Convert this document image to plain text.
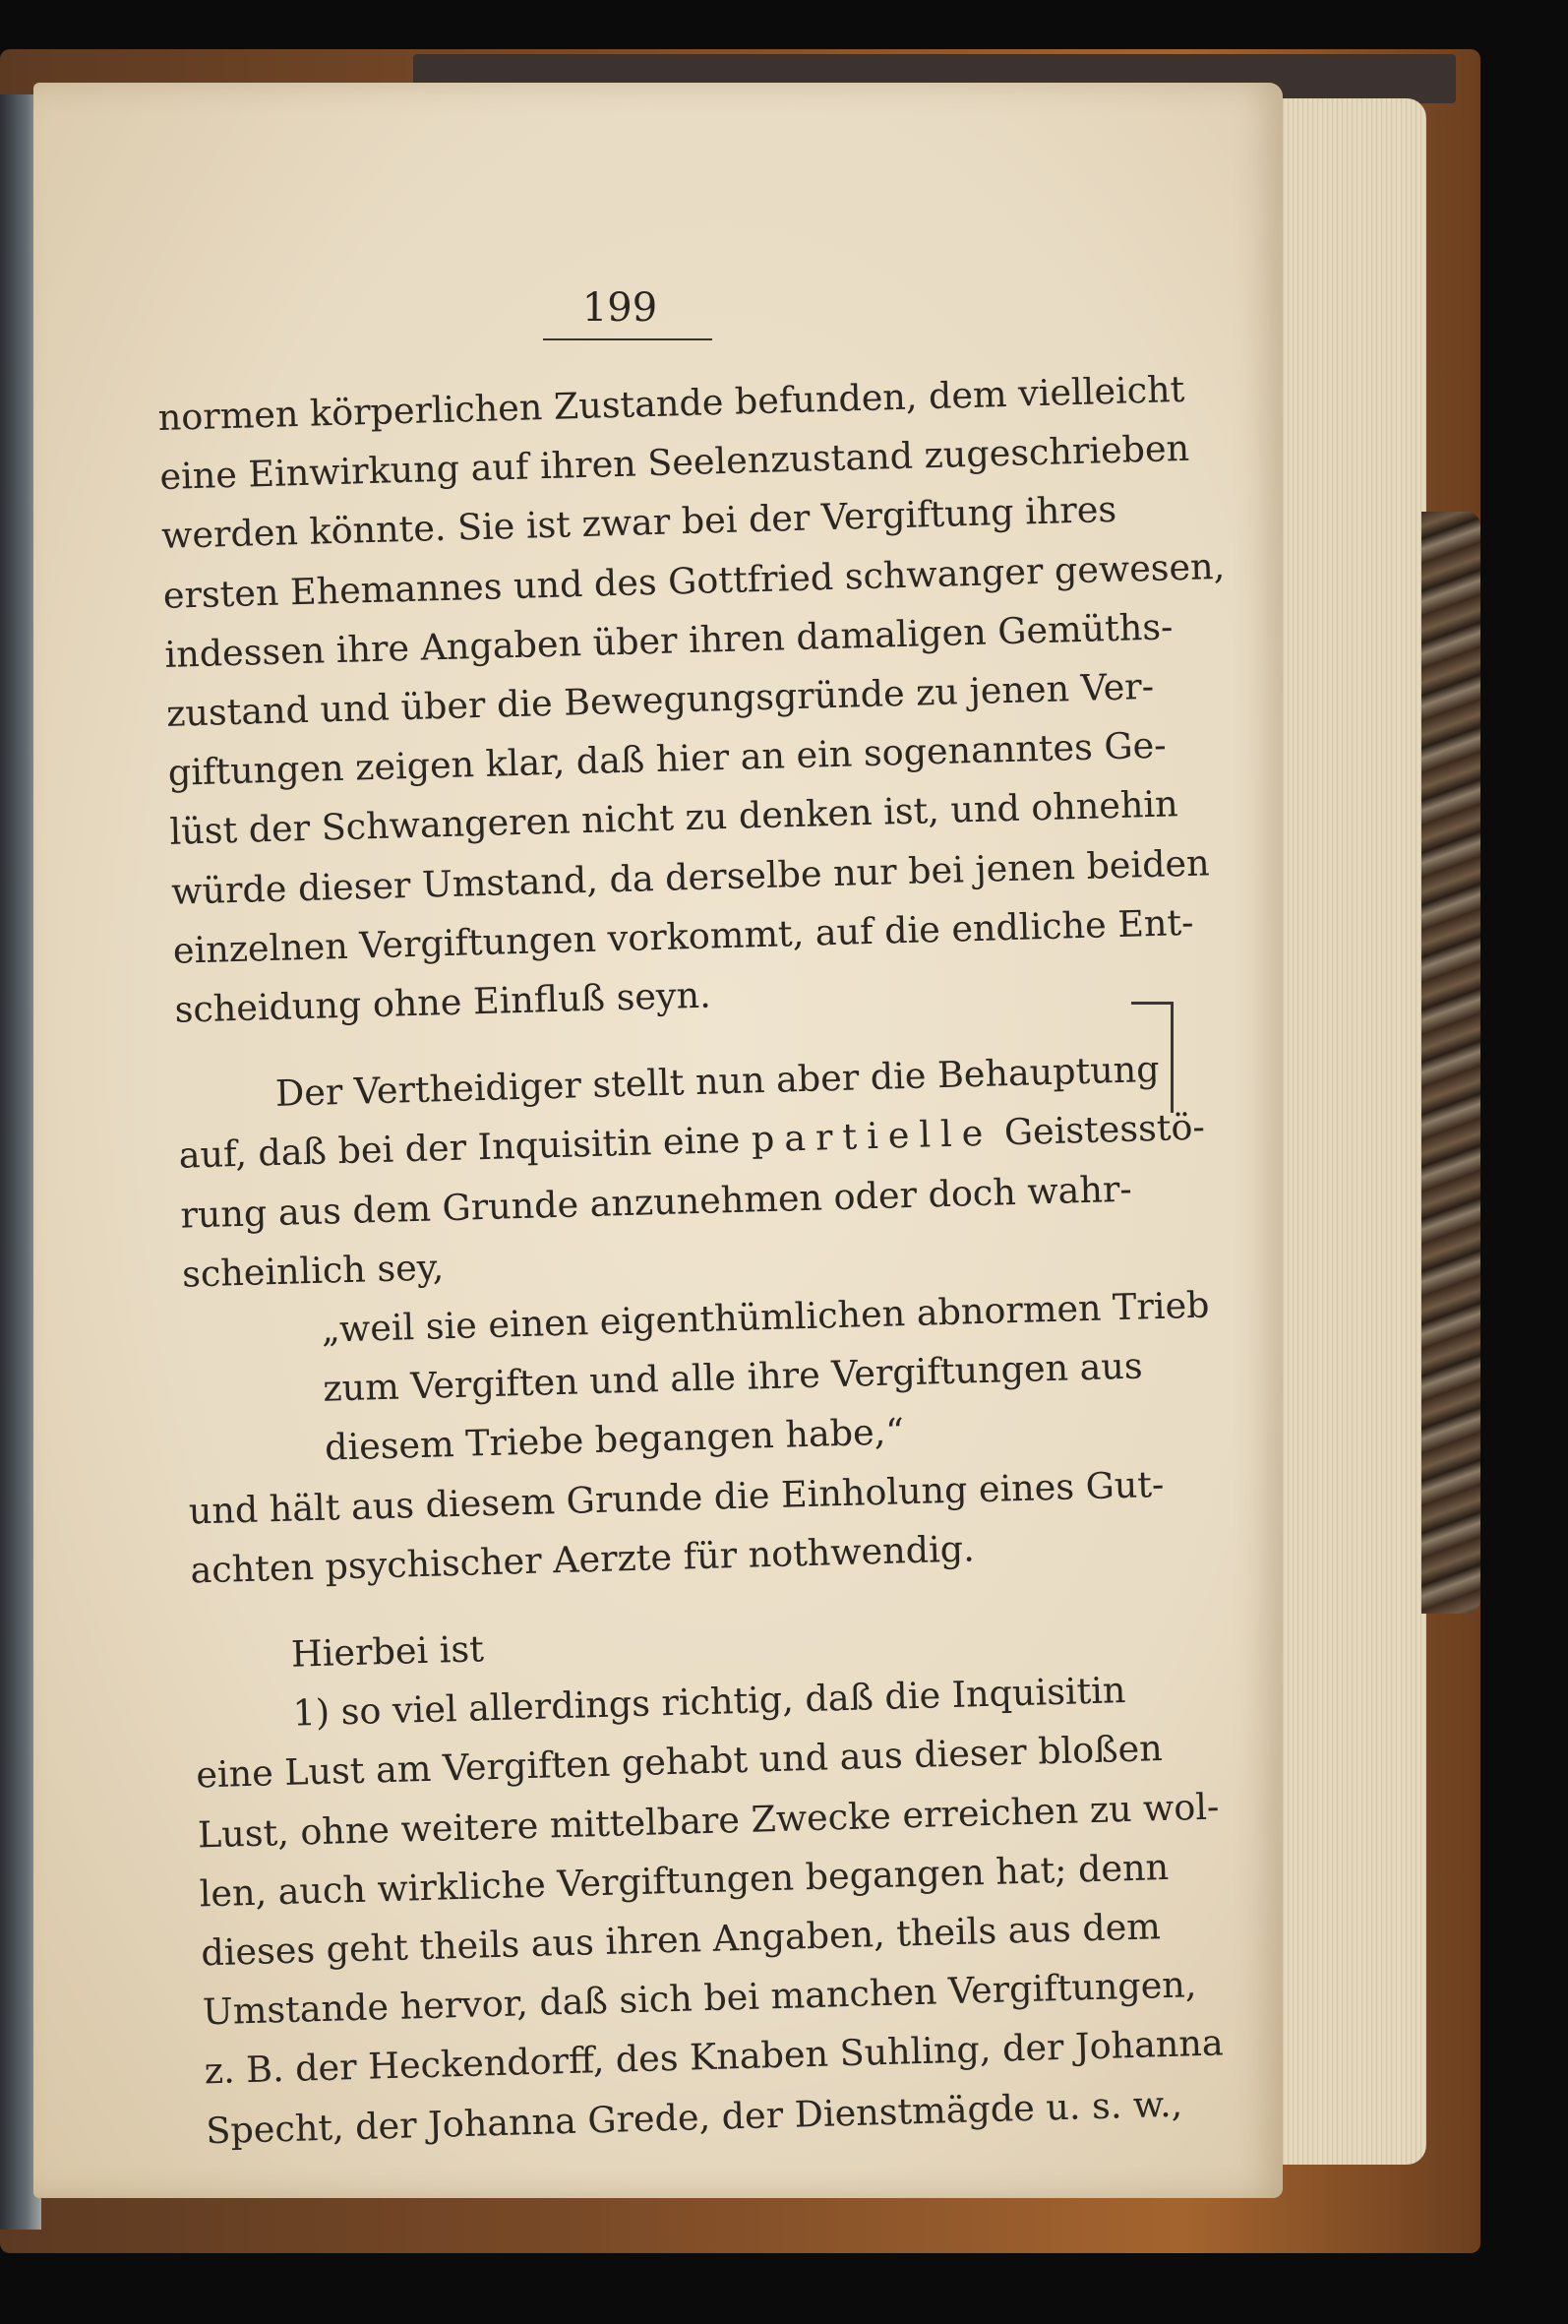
199
normen körperlichen Zustande befunden, dem vielleicht
eine Einwirkung auf ihren Seelenzustand zugeschrieben
werden könnte. Sie ist zwar bei der Vergiftung ihres
ersten Ehemannes und des Gottfried schwanger gewesen,
indessen ihre Angaben über ihren damaligen Gemüths-
zustand und über die Bewegungsgründe zu jenen Ver-
giftungen zeigen klar, daß hier an ein sogenanntes Ge-
lüst der Schwangeren nicht zu denken ist, und ohnehin
würde dieser Umstand, da derselbe nur bei jenen beiden
einzelnen Vergiftungen vorkommt, auf die endliche Ent-
scheidung ohne Einfluß seyn.
Der Vertheidiger stellt nun aber die Behauptung
auf, daß bei der Inquisitin eine partielle Geistesstö-
rung aus dem Grunde anzunehmen oder doch wahr-
scheinlich sey,
„weil sie einen eigenthümlichen abnormen Trieb
zum Vergiften und alle ihre Vergiftungen aus
diesem Triebe begangen habe,“
und hält aus diesem Grunde die Einholung eines Gut-
achten psychischer Aerzte für nothwendig.
Hierbei ist
1) so viel allerdings richtig, daß die Inquisitin
eine Lust am Vergiften gehabt und aus dieser bloßen
Lust, ohne weitere mittelbare Zwecke erreichen zu wol-
len, auch wirkliche Vergiftungen begangen hat; denn
dieses geht theils aus ihren Angaben, theils aus dem
Umstande hervor, daß sich bei manchen Vergiftungen,
z. B. der Heckendorff, des Knaben Suhling, der Johanna
Specht, der Johanna Grede, der Dienstmägde u. s. w.,
